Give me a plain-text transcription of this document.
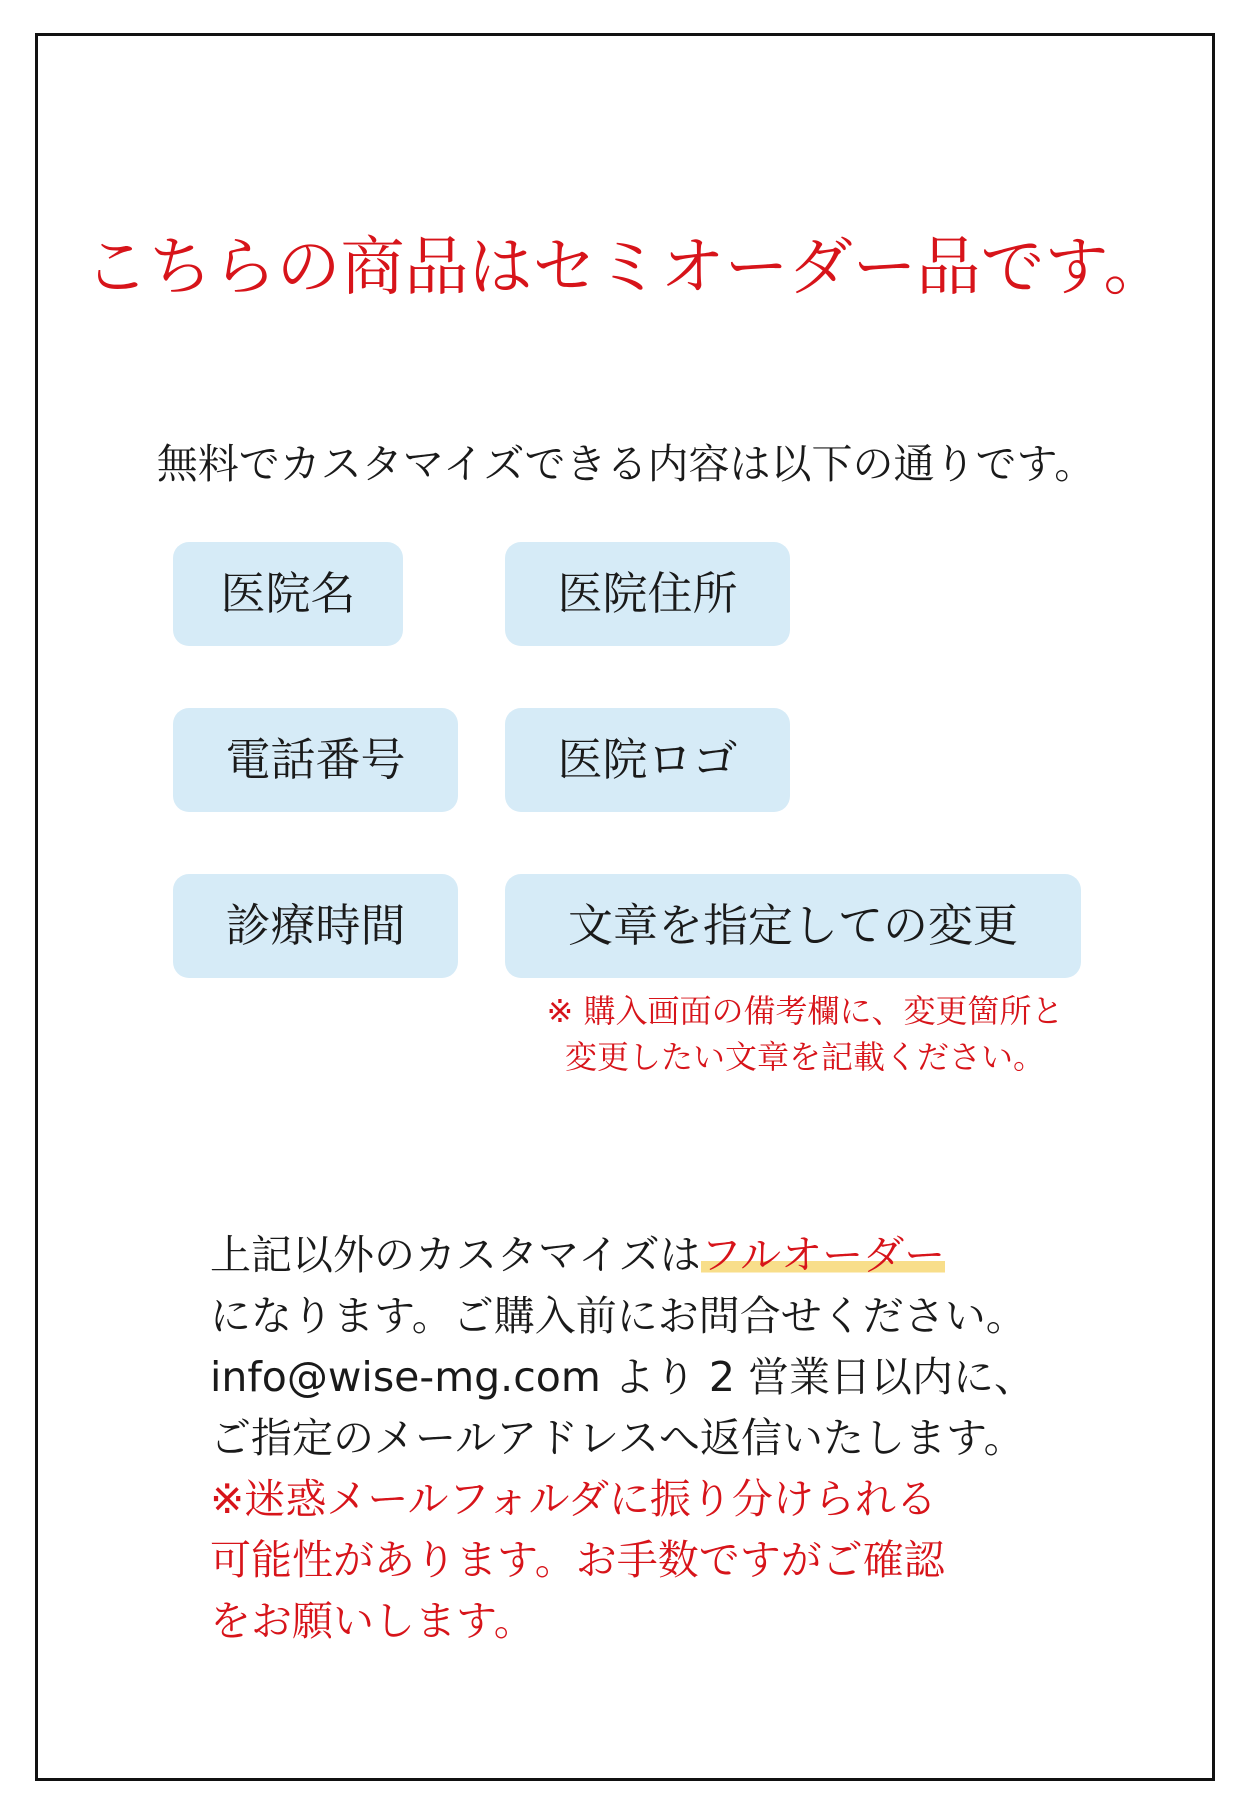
こちらの商品はセミオーダー品です。
無料でカスタマイズできる内容は以下の通りです。
医院名	医院住所
電話番号	医院ロゴ
診療時間	文章を指定しての変更
※ 購入画面の備考欄に、変更箇所と
変更したい文章を記載ください。
上記以外のカスタマイズはフルオーダー
になります。ご購入前にお問合せください。
info@wise-mg.com より 2 営業日以内に、
ご指定のメールアドレスへ返信いたします。
※迷惑メールフォルダに振り分けられる
可能性があります。お手数ですがご確認
をお願いします。
